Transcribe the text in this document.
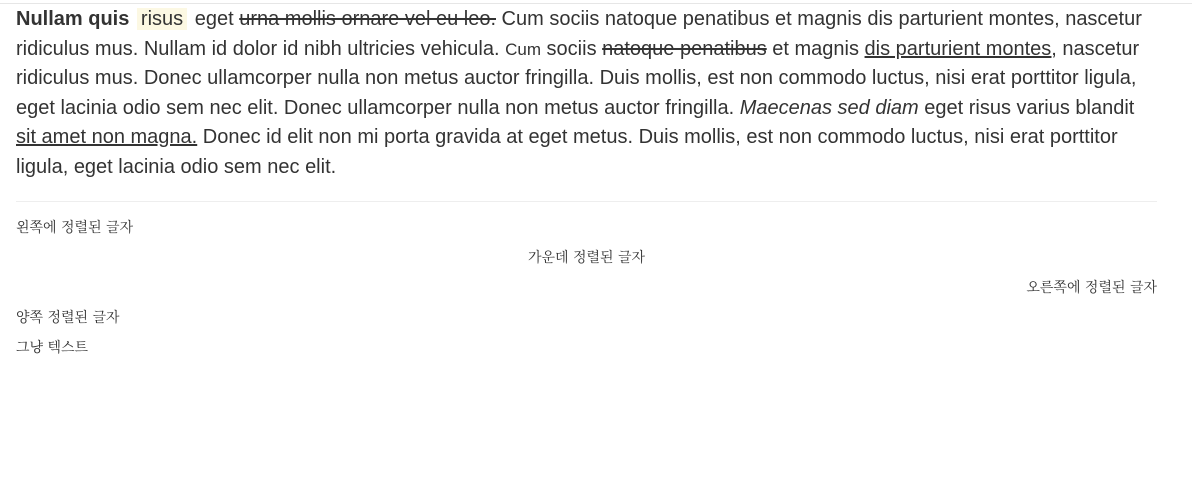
Nullam quis risus eget urna mollis ornare vel eu leo. Cum sociis natoque penatibus et magnis dis parturient montes, nascetur ridiculus mus. Nullam id dolor id nibh ultricies vehicula. Cum sociis natoque penatibus et magnis dis parturient montes, nascetur ridiculus mus. Donec ullamcorper nulla non metus auctor fringilla. Duis mollis, est non commodo luctus, nisi erat porttitor ligula, eget lacinia odio sem nec elit. Donec ullamcorper nulla non metus auctor fringilla. Maecenas sed diam eget risus varius blandit sit amet non magna. Donec id elit non mi porta gravida at eget metus. Duis mollis, est non commodo luctus, nisi erat porttitor ligula, eget lacinia odio sem nec elit.

왼쪽에 정렬된 글자

가운데 정렬된 글자

오른쪽에 정렬된 글자

양쪽 정렬된 글자

그냥 텍스트
